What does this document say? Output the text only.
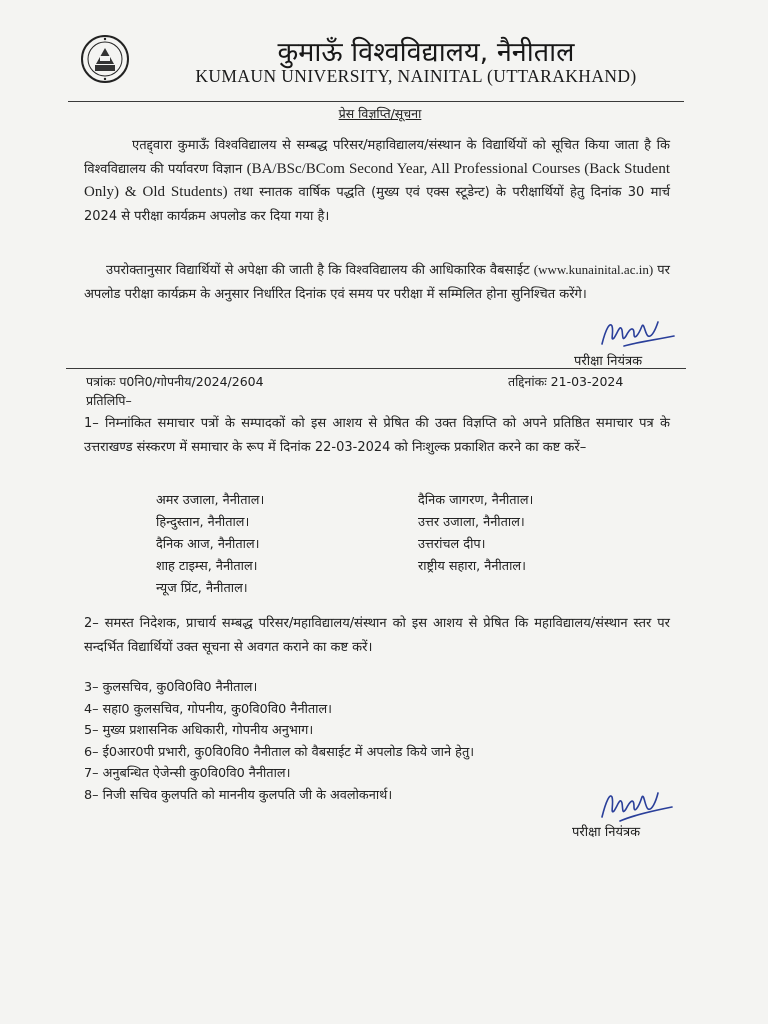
कुमाऊँ विश्वविद्यालय, नैनीताल
KUMAUN UNIVERSITY, NAINITAL (UTTARAKHAND)
प्रेस विज्ञप्ति/सूचना
एतद्द्वारा कुमाऊँ विश्वविद्यालय से सम्बद्ध परिसर/महाविद्यालय/संस्थान के विद्यार्थियों को सूचित किया जाता है कि विश्वविद्यालय की पर्यावरण विज्ञान (BA/BSc/BCom Second Year, All Professional Courses (Back Student Only) & Old Students) तथा स्नातक वार्षिक पद्धति (मुख्य एवं एक्स स्टूडेन्ट) के परीक्षार्थियों हेतु दिनांक 30 मार्च 2024 से परीक्षा कार्यक्रम अपलोड कर दिया गया है।
उपरोक्तानुसार विद्यार्थियों से अपेक्षा की जाती है कि विश्वविद्यालय की आधिकारिक वैबसाईट (www.kunainital.ac.in) पर अपलोड परीक्षा कार्यक्रम के अनुसार निर्धारित दिनांक एवं समय पर परीक्षा में सम्मिलित होना सुनिश्चित करेंगे।
परीक्षा नियंत्रक
पत्रांकः प0नि0/गोपनीय/2024/2604	तद्दिनांकः 21-03-2024
प्रतिलिपि–
1– निम्नांकित समाचार पत्रों के सम्पादकों को इस आशय से प्रेषित की उक्त विज्ञप्ति को अपने प्रतिष्ठित समाचार पत्र के उत्तराखण्ड संस्करण में समाचार के रूप में दिनांक 22-03-2024 को निःशुल्क प्रकाशित करने का कष्ट करें–
अमर उजाला, नैनीताल।
हिन्दुस्तान, नैनीताल।
दैनिक आज, नैनीताल।
शाह टाइम्स, नैनीताल।
न्यूज प्रिंट, नैनीताल।
दैनिक जागरण, नैनीताल।
उत्तर उजाला, नैनीताल।
उत्तरांचल दीप।
राष्ट्रीय सहारा, नैनीताल।
2– समस्त निदेशक, प्राचार्य सम्बद्ध परिसर/महाविद्यालय/संस्थान को इस आशय से प्रेषित कि महाविद्यालय/संस्थान स्तर पर सन्दर्भित विद्यार्थियों उक्त सूचना से अवगत कराने का कष्ट करें।
3– कुलसचिव, कु0वि0वि0 नैनीताल।
4– सहा0 कुलसचिव, गोपनीय, कु0वि0वि0 नैनीताल।
5– मुख्य प्रशासनिक अधिकारी, गोपनीय अनुभाग।
6– ई0आर0पी प्रभारी, कु0वि0वि0 नैनीताल को वैबसाईट में अपलोड किये जाने हेतु।
7– अनुबन्धित ऐजेन्सी कु0वि0वि0 नैनीताल।
8– निजी सचिव कुलपति को माननीय कुलपति जी के अवलोकनार्थ।
परीक्षा नियंत्रक
